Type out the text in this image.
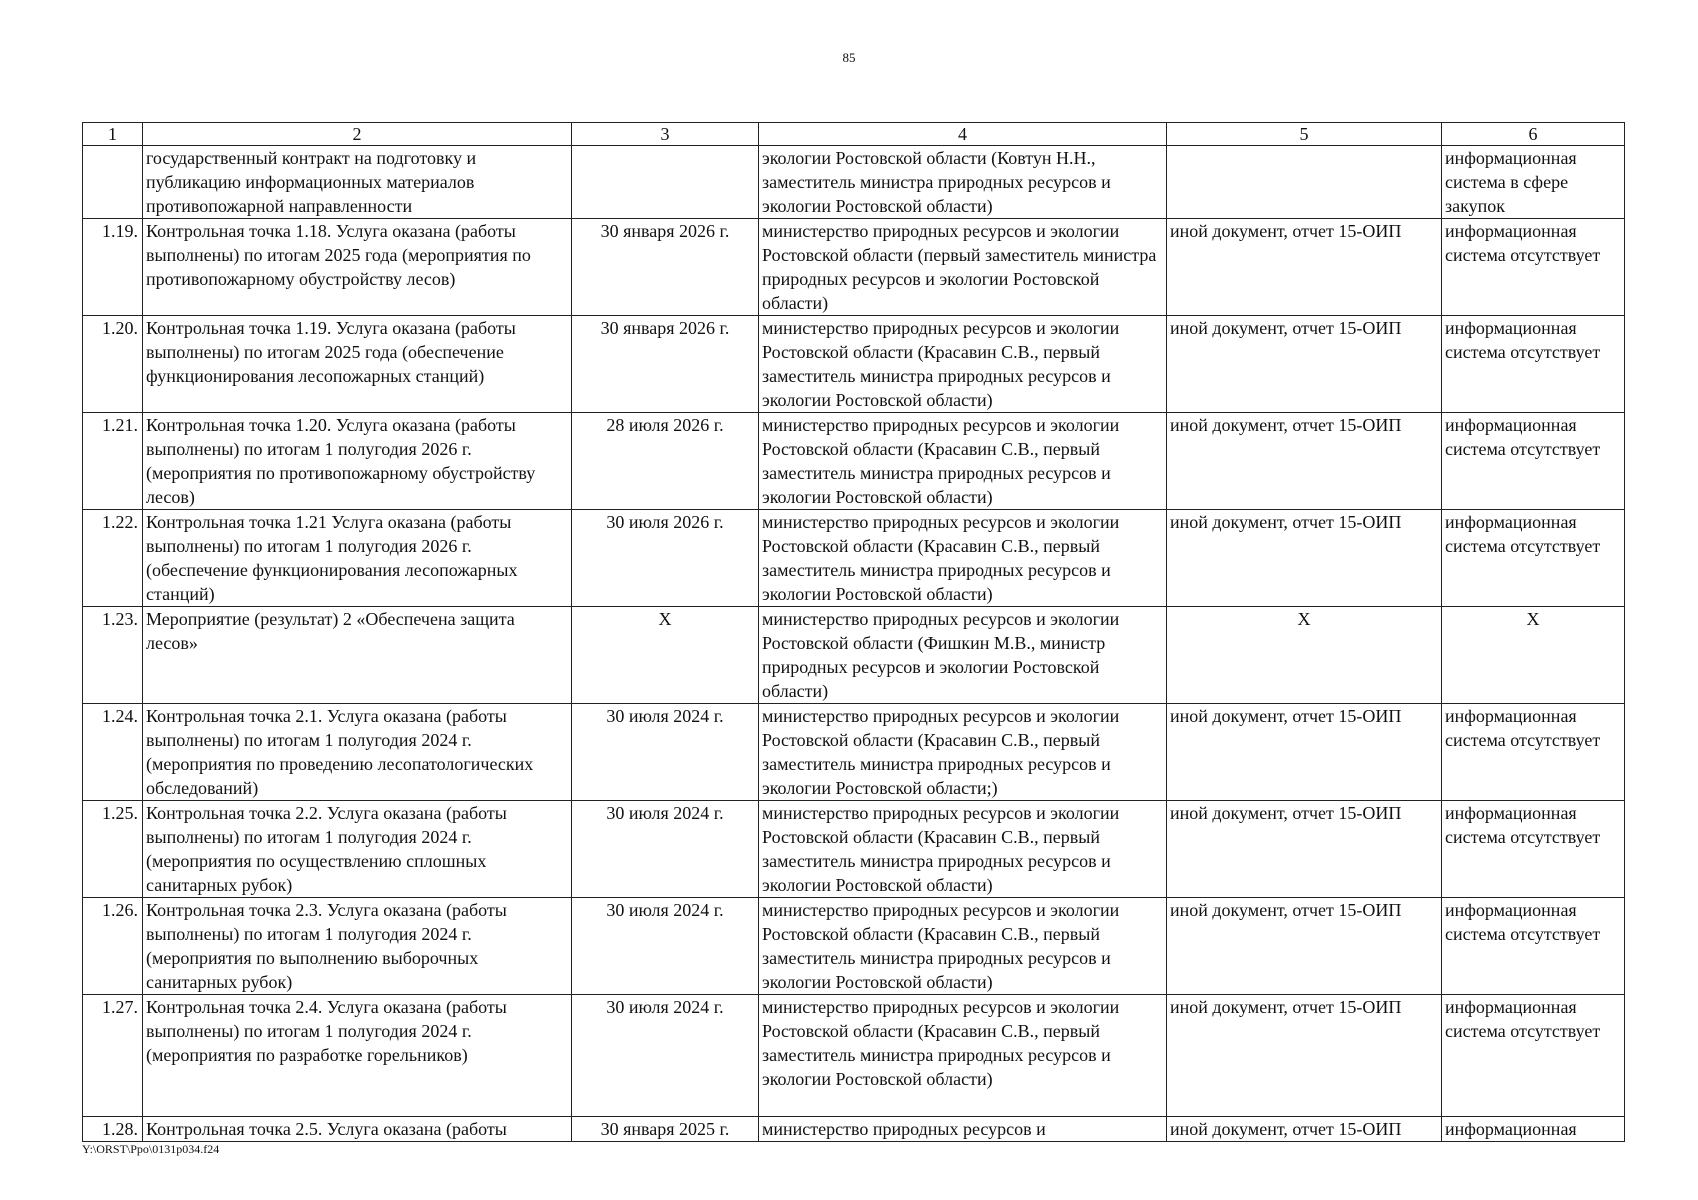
85
1	2	3	4	5	6
	государственный контракт на подготовку и публикацию информационных материалов противопожарной направленности		экологии Ростовской области (Ковтун Н.Н., заместитель министра природных ресурсов и экологии Ростовской области)		информационная система в сфере закупок
1.19.	Контрольная точка 1.18. Услуга оказана (работы выполнены) по итогам 2025 года (мероприятия по противопожарному обустройству лесов)	30 января 2026 г.	министерство природных ресурсов и экологии Ростовской области (первый заместитель министра природных ресурсов и экологии Ростовской области)	иной документ, отчет 15-ОИП	информационная система отсутствует
1.20.	Контрольная точка 1.19. Услуга оказана (работы выполнены) по итогам 2025 года (обеспечение функционирования лесопожарных станций)	30 января 2026 г.	министерство природных ресурсов и экологии Ростовской области (Красавин С.В., первый заместитель министра природных ресурсов и экологии Ростовской области)	иной документ, отчет 15-ОИП	информационная система отсутствует
1.21.	Контрольная точка 1.20. Услуга оказана (работы выполнены) по итогам 1 полугодия 2026 г. (мероприятия по противопожарному обустройству лесов)	28 июля 2026 г.	министерство природных ресурсов и экологии Ростовской области (Красавин С.В., первый заместитель министра природных ресурсов и экологии Ростовской области)	иной документ, отчет 15-ОИП	информационная система отсутствует
1.22.	Контрольная точка 1.21 Услуга оказана (работы выполнены) по итогам 1 полугодия 2026 г. (обеспечение функционирования лесопожарных станций)	30 июля 2026 г.	министерство природных ресурсов и экологии Ростовской области (Красавин С.В., первый заместитель министра природных ресурсов и экологии Ростовской области)	иной документ, отчет 15-ОИП	информационная система отсутствует
1.23.	Мероприятие (результат) 2 «Обеспечена защита лесов»	X	министерство природных ресурсов и экологии Ростовской области (Фишкин М.В., министр природных ресурсов и экологии Ростовской области)	X	X
1.24.	Контрольная точка 2.1. Услуга оказана (работы выполнены) по итогам 1 полугодия 2024 г. (мероприятия по проведению лесопатологических обследований)	30 июля 2024 г.	министерство природных ресурсов и экологии Ростовской области (Красавин С.В., первый заместитель министра природных ресурсов и экологии Ростовской области;)	иной документ, отчет 15-ОИП	информационная система отсутствует
1.25.	Контрольная точка 2.2. Услуга оказана (работы выполнены) по итогам 1 полугодия 2024 г. (мероприятия по осуществлению сплошных санитарных рубок)	30 июля 2024 г.	министерство природных ресурсов и экологии Ростовской области (Красавин С.В., первый заместитель министра природных ресурсов и экологии Ростовской области)	иной документ, отчет 15-ОИП	информационная система отсутствует
1.26.	Контрольная точка 2.3. Услуга оказана (работы выполнены) по итогам 1 полугодия 2024 г. (мероприятия по выполнению выборочных санитарных рубок)	30 июля 2024 г.	министерство природных ресурсов и экологии Ростовской области (Красавин С.В., первый заместитель министра природных ресурсов и экологии Ростовской области)	иной документ, отчет 15-ОИП	информационная система отсутствует
1.27.	Контрольная точка 2.4. Услуга оказана (работы выполнены) по итогам 1 полугодия 2024 г. (мероприятия по разработке горельников)	30 июля 2024 г.	министерство природных ресурсов и экологии Ростовской области (Красавин С.В., первый заместитель министра природных ресурсов и экологии Ростовской области)	иной документ, отчет 15-ОИП	информационная система отсутствует
1.28.	Контрольная точка 2.5. Услуга оказана (работы	30 января 2025 г.	министерство природных ресурсов и	иной документ, отчет 15-ОИП	информационная
Y:\ORST\Ppo\0131p034.f24
